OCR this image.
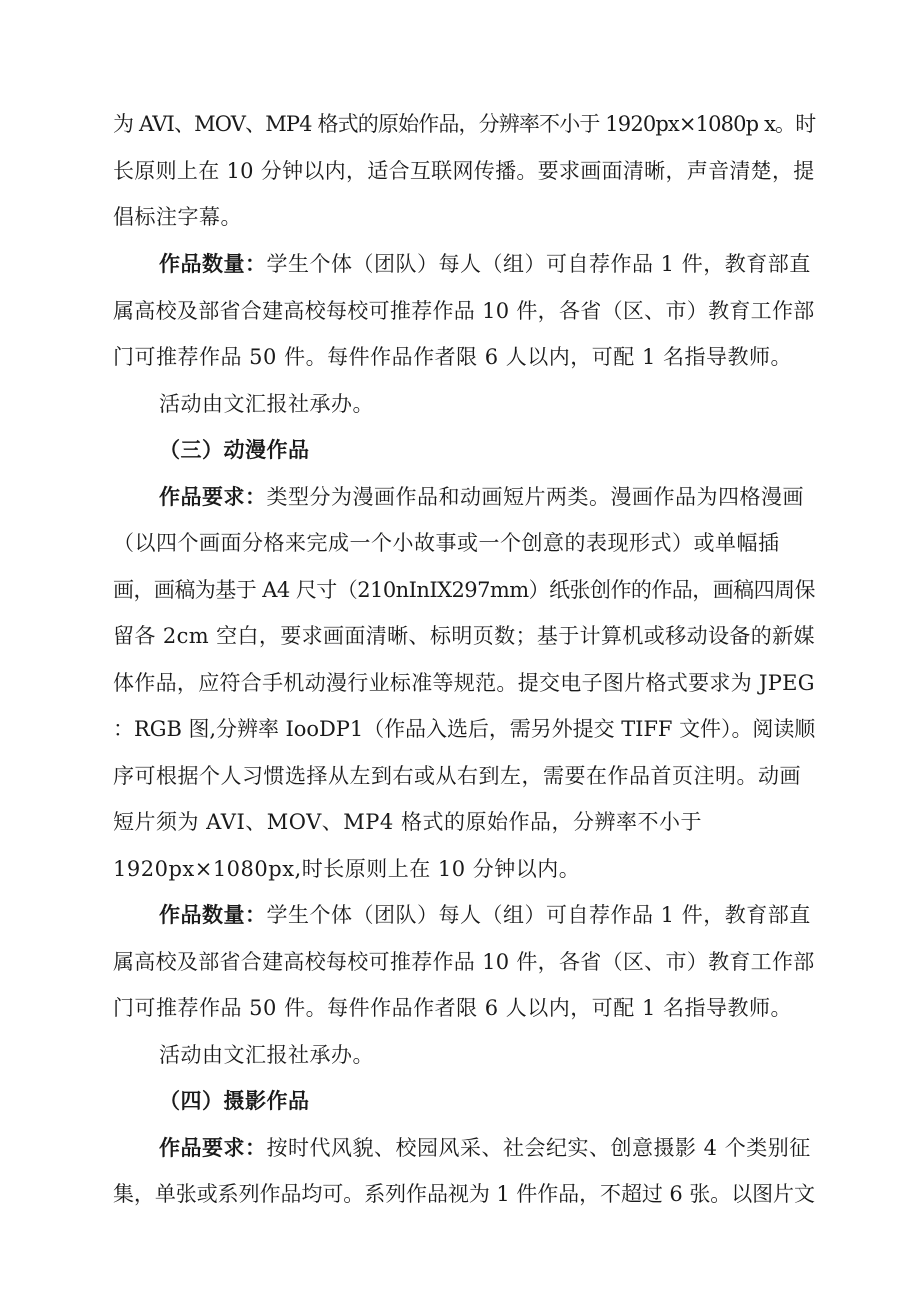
为 AVI、MOV、MP4 格式的原始作品，分辨率不小于 1920px×1080p x。时
长原则上在 10 分钟以内，适合互联网传播。要求画面清晰，声音清楚，提
倡标注字幕。
作品数量：学生个体（团队）每人（组）可自荐作品 1 件，教育部直
属高校及部省合建高校每校可推荐作品 10 件，各省（区、市）教育工作部
门可推荐作品 50 件。每件作品作者限 6 人以内，可配 1 名指导教师。
活动由文汇报社承办。
（三）动漫作品
作品要求：类型分为漫画作品和动画短片两类。漫画作品为四格漫画
（以四个画面分格来完成一个小故事或一个创意的表现形式）或单幅插
画，画稿为基于 A4 尺寸（210nInIX297mm）纸张创作的作品，画稿四周保
留各 2cm 空白，要求画面清晰、标明页数；基于计算机或移动设备的新媒
体作品，应符合手机动漫行业标准等规范。提交电子图片格式要求为 JPEG
：RGB 图,分辨率 IooDP1（作品入选后，需另外提交 TIFF 文件）。阅读顺
序可根据个人习惯选择从左到右或从右到左，需要在作品首页注明。动画
短片须为 AVI、MOV、MP4 格式的原始作品，分辨率不小于
1920px×1080px,时长原则上在 10 分钟以内。
作品数量：学生个体（团队）每人（组）可自荐作品 1 件，教育部直
属高校及部省合建高校每校可推荐作品 10 件，各省（区、市）教育工作部
门可推荐作品 50 件。每件作品作者限 6 人以内，可配 1 名指导教师。
活动由文汇报社承办。
（四）摄影作品
作品要求：按时代风貌、校园风采、社会纪实、创意摄影 4 个类别征
集，单张或系列作品均可。系列作品视为 1 件作品，不超过 6 张。以图片文
